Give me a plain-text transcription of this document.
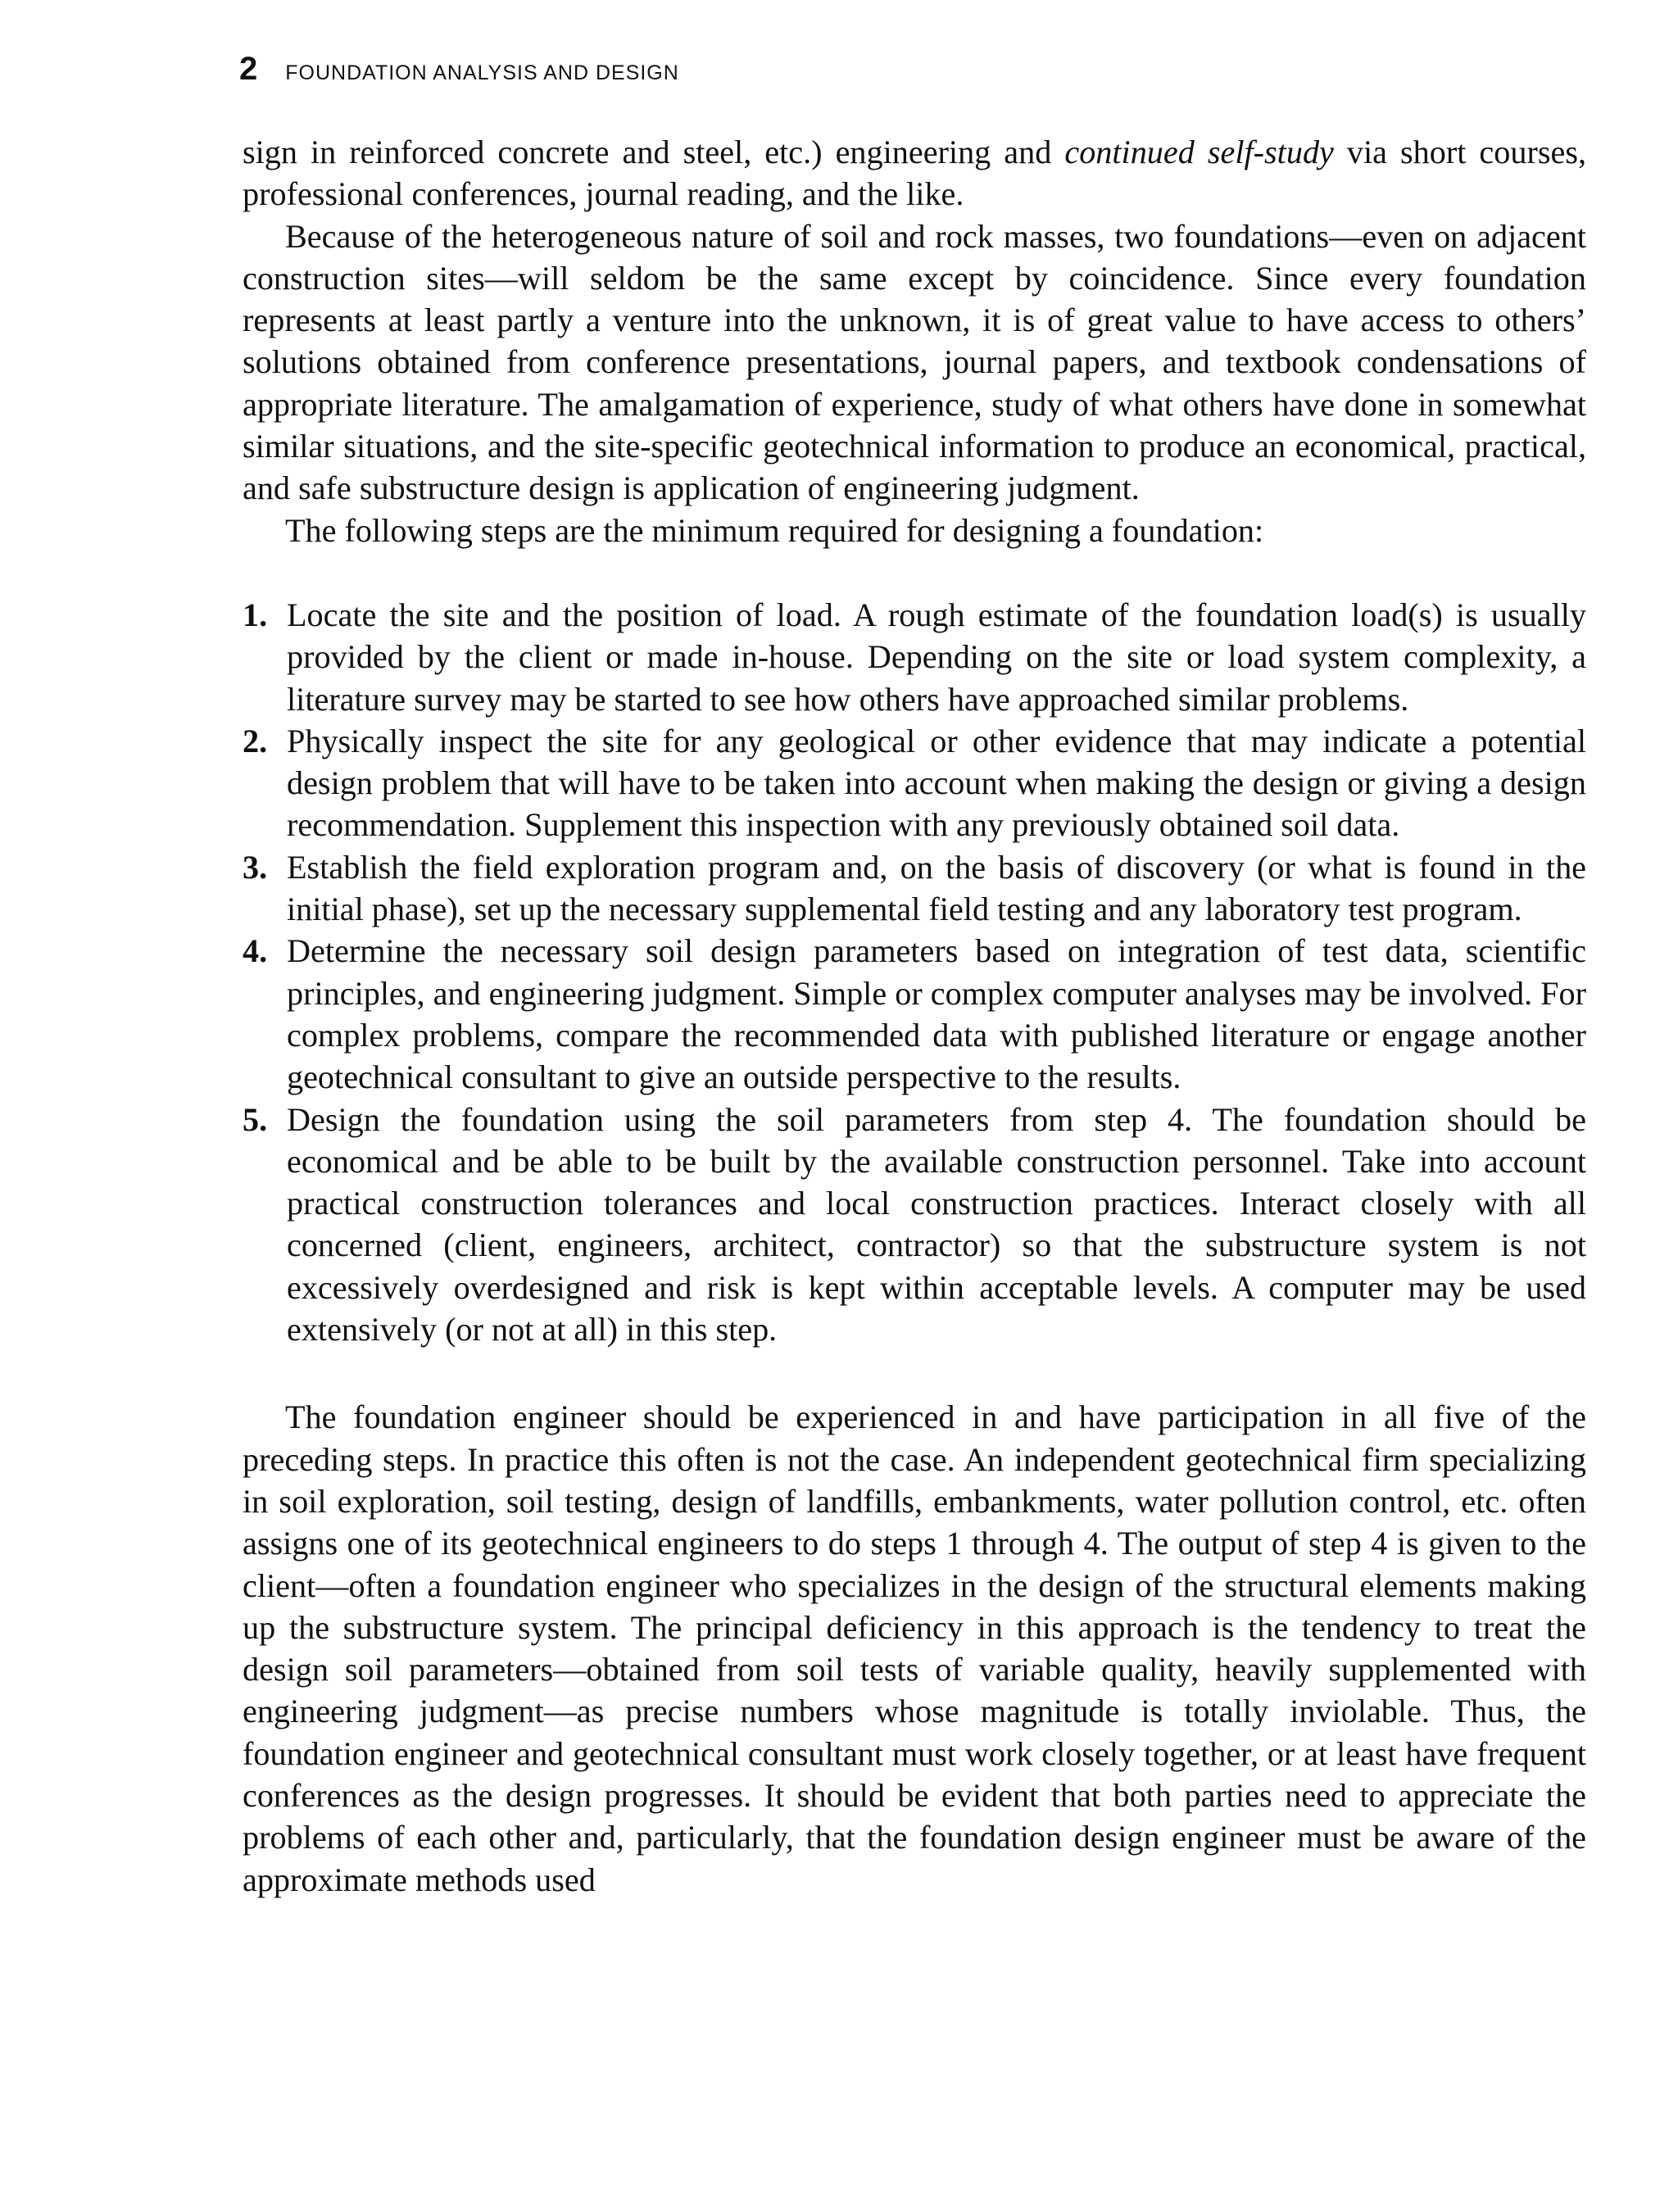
2 FOUNDATION ANALYSIS AND DESIGN

sign in reinforced concrete and steel, etc.) engineering and continued self-study via short courses, professional conferences, journal reading, and the like.

Because of the heterogeneous nature of soil and rock masses, two foundations—even on adjacent construction sites—will seldom be the same except by coincidence. Since every foundation represents at least partly a venture into the unknown, it is of great value to have access to others’ solutions obtained from conference presentations, journal papers, and textbook condensations of appropriate literature. The amalgamation of experience, study of what others have done in somewhat similar situations, and the site-specific geotechnical information to produce an economical, practical, and safe substructure design is application of engineering judgment.

The following steps are the minimum required for designing a foundation:

1. Locate the site and the position of load. A rough estimate of the foundation load(s) is usually provided by the client or made in-house. Depending on the site or load system complexity, a literature survey may be started to see how others have approached similar problems.
2. Physically inspect the site for any geological or other evidence that may indicate a potential design problem that will have to be taken into account when making the design or giving a design recommendation. Supplement this inspection with any previously obtained soil data.
3. Establish the field exploration program and, on the basis of discovery (or what is found in the initial phase), set up the necessary supplemental field testing and any laboratory test program.
4. Determine the necessary soil design parameters based on integration of test data, scientific principles, and engineering judgment. Simple or complex computer analyses may be involved. For complex problems, compare the recommended data with published literature or engage another geotechnical consultant to give an outside perspective to the results.
5. Design the foundation using the soil parameters from step 4. The foundation should be economical and be able to be built by the available construction personnel. Take into account practical construction tolerances and local construction practices. Interact closely with all concerned (client, engineers, architect, contractor) so that the substructure system is not excessively overdesigned and risk is kept within acceptable levels. A computer may be used extensively (or not at all) in this step.

The foundation engineer should be experienced in and have participation in all five of the preceding steps. In practice this often is not the case. An independent geotechnical firm specializing in soil exploration, soil testing, design of landfills, embankments, water pollution control, etc. often assigns one of its geotechnical engineers to do steps 1 through 4. The output of step 4 is given to the client—often a foundation engineer who specializes in the design of the structural elements making up the substructure system. The principal deficiency in this approach is the tendency to treat the design soil parameters—obtained from soil tests of variable quality, heavily supplemented with engineering judgment—as precise numbers whose magnitude is totally inviolable. Thus, the foundation engineer and geotechnical consultant must work closely together, or at least have frequent conferences as the design progresses. It should be evident that both parties need to appreciate the problems of each other and, particularly, that the foundation design engineer must be aware of the approximate methods used
